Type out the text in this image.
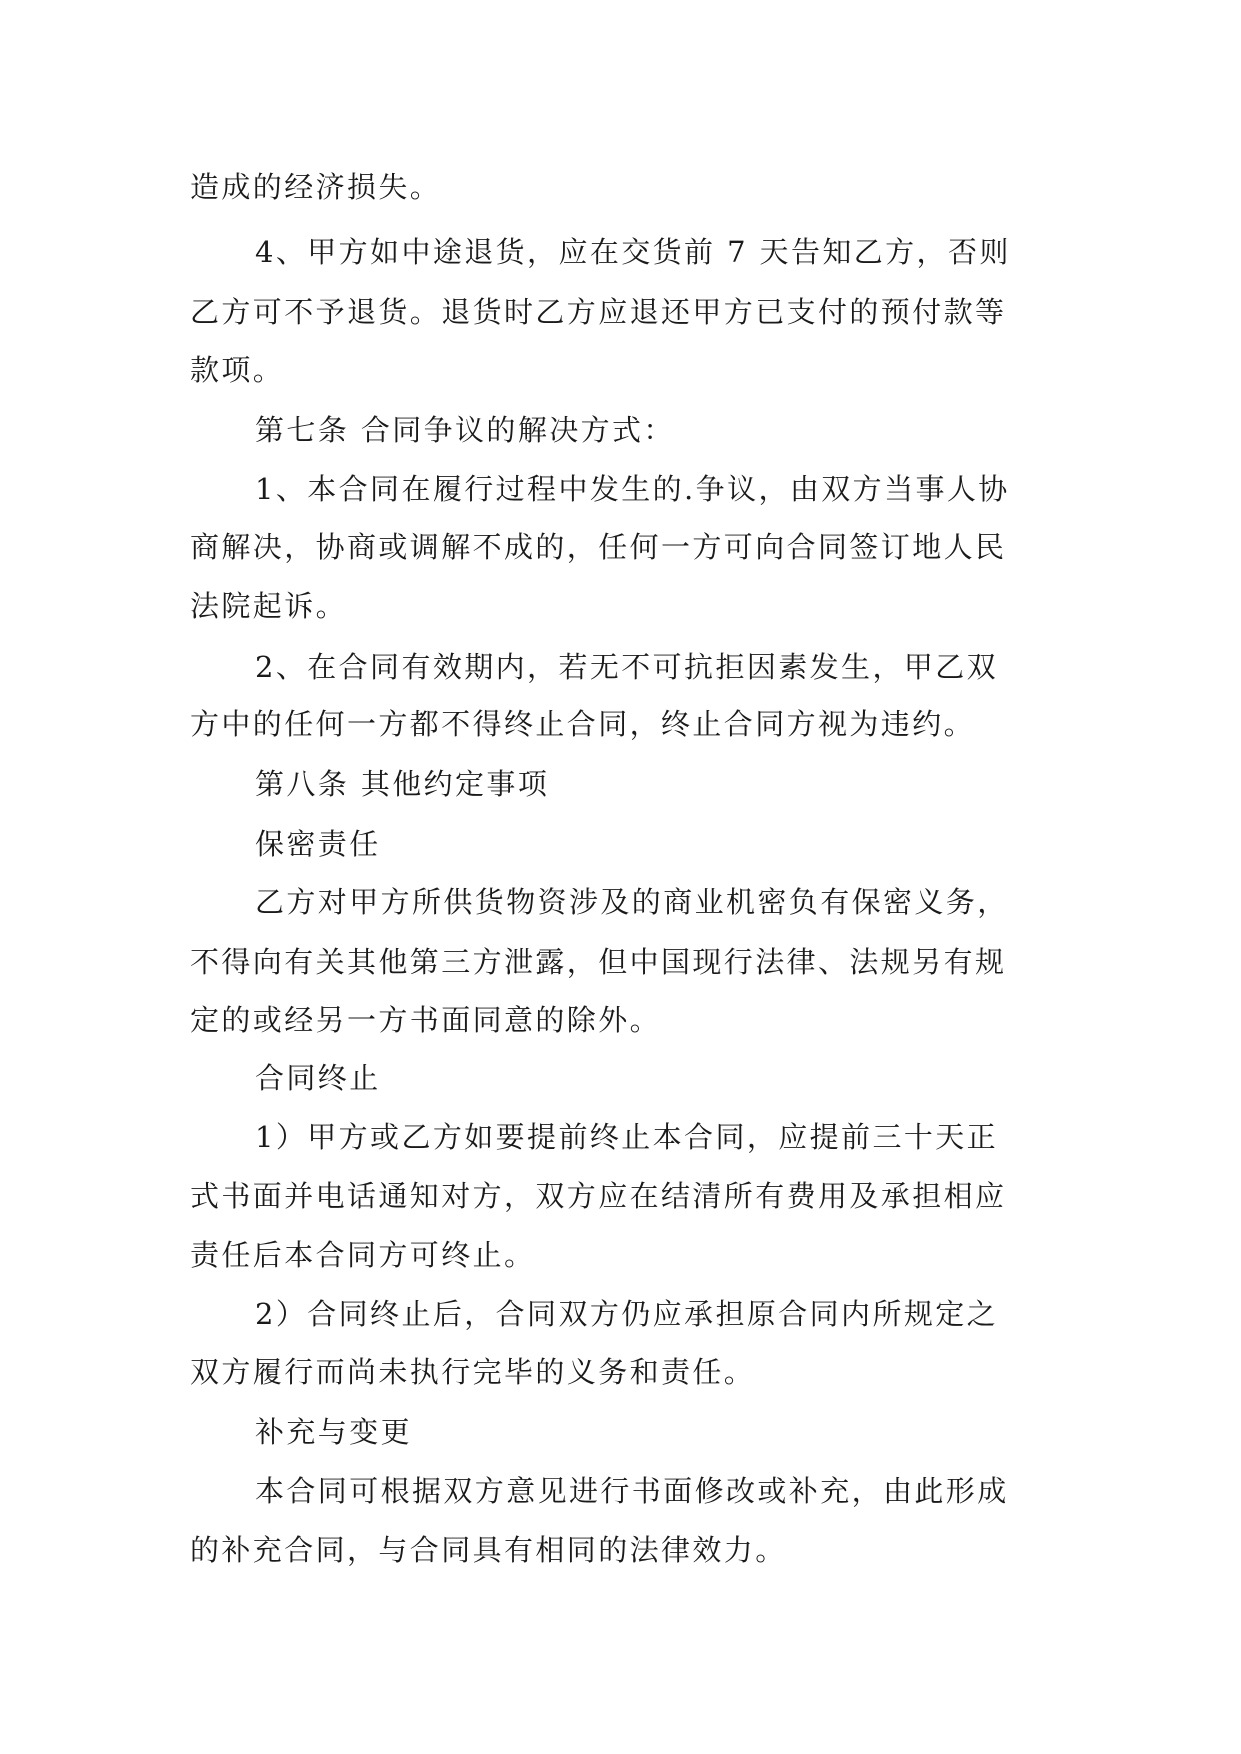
造成的经济损失。
4、甲方如中途退货，应在交货前 7 天告知乙方，否则
乙方可不予退货。退货时乙方应退还甲方已支付的预付款等
款项。
第七条 合同争议的解决方式：
1、本合同在履行过程中发生的.争议，由双方当事人协
商解决，协商或调解不成的，任何一方可向合同签订地人民
法院起诉。
2、在合同有效期内，若无不可抗拒因素发生，甲乙双
方中的任何一方都不得终止合同，终止合同方视为违约。
第八条 其他约定事项
保密责任
乙方对甲方所供货物资涉及的商业机密负有保密义务，
不得向有关其他第三方泄露，但中国现行法律、法规另有规
定的或经另一方书面同意的除外。
合同终止
1）甲方或乙方如要提前终止本合同，应提前三十天正
式书面并电话通知对方，双方应在结清所有费用及承担相应
责任后本合同方可终止。
2）合同终止后，合同双方仍应承担原合同内所规定之
双方履行而尚未执行完毕的义务和责任。
补充与变更
本合同可根据双方意见进行书面修改或补充，由此形成
的补充合同，与合同具有相同的法律效力。
